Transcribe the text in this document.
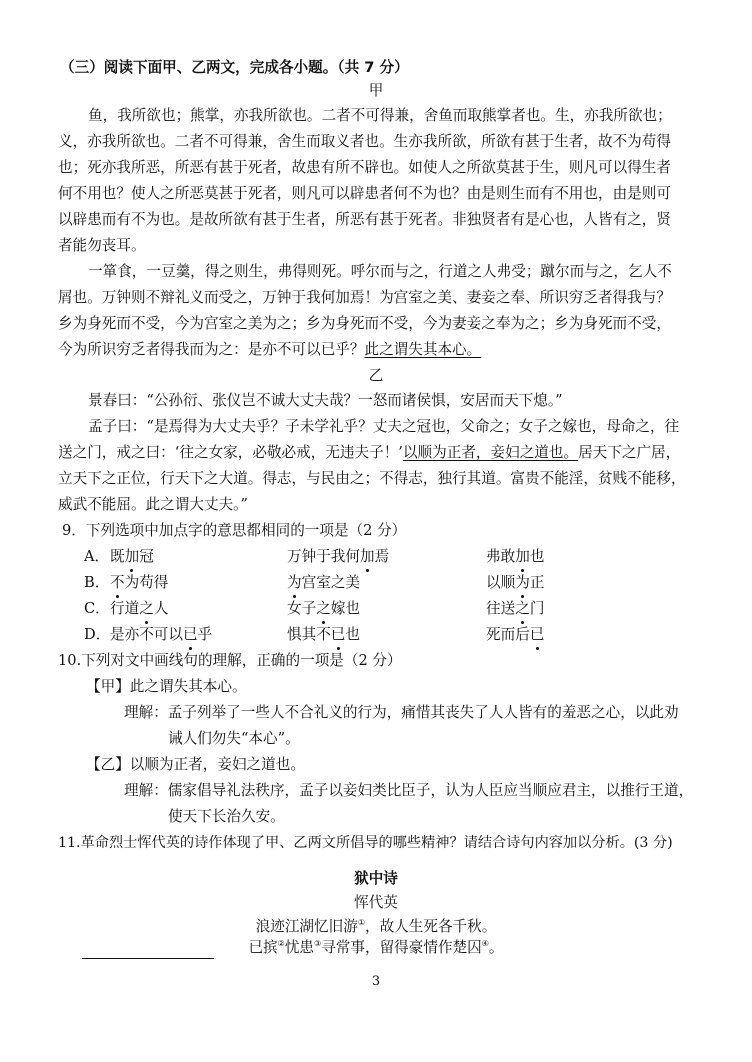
（三）阅读下面甲、乙两文，完成各小题。（共 7 分）
甲
鱼，我所欲也；熊掌，亦我所欲也。二者不可得兼，舍鱼而取熊掌者也。生，亦我所欲也；
义，亦我所欲也。二者不可得兼，舍生而取义者也。生亦我所欲，所欲有甚于生者，故不为苟得
也；死亦我所恶，所恶有甚于死者，故患有所不辟也。如使人之所欲莫甚于生，则凡可以得生者
何不用也？使人之所恶莫甚于死者，则凡可以辟患者何不为也？由是则生而有不用也，由是则可
以辟患而有不为也。是故所欲有甚于生者，所恶有甚于死者。非独贤者有是心也，人皆有之，贤
者能勿丧耳。
一箪食，一豆羹，得之则生，弗得则死。呼尔而与之，行道之人弗受；蹴尔而与之，乞人不
屑也。万钟则不辩礼义而受之，万钟于我何加焉！为宫室之美、妻妾之奉、所识穷乏者得我与？
乡为身死而不受，今为宫室之美为之；乡为身死而不受，今为妻妾之奉为之；乡为身死而不受，
今为所识穷乏者得我而为之：是亦不可以已乎？此之谓失其本心。
乙
景春曰：“公孙衍、张仪岂不诚大丈夫哉？一怒而诸侯惧，安居而天下熄。”
孟子曰：“是焉得为大丈夫乎？子未学礼乎？丈夫之冠也，父命之；女子之嫁也，母命之，往
送之门，戒之曰：‘往之女家，必敬必戒，无违夫子！’以顺为正者，妾妇之道也。居天下之广居，
立天下之正位，行天下之大道。得志，与民由之；不得志，独行其道。富贵不能淫，贫贱不能移，
威武不能屈。此之谓大丈夫。”
9．下列选项中加点字的意思都相同的一项是（2 分）
A． 既加冠	万钟于我何加焉	弗敢加也
B． 不为苟得	为宫室之美	以顺为正
C． 行道之人	女子之嫁也	往送之门
D． 是亦不可以已乎	惧其不已也	死而后已
10.下列对文中画线句的理解，正确的一项是（2 分）
【甲】此之谓失其本心。
理解：孟子列举了一些人不合礼义的行为，痛惜其丧失了人人皆有的羞恶之心，以此劝
诫人们勿失“本心”。
【乙】以顺为正者，妾妇之道也。
理解：儒家倡导礼法秩序，孟子以妾妇类比臣子，认为人臣应当顺应君主，以推行王道，
使天下长治久安。
11.革命烈士恽代英的诗作体现了甲、乙两文所倡导的哪些精神？请结合诗句内容加以分析。(3 分)
狱中诗
恽代英
浪迹江湖忆旧游①，故人生死各千秋。
已摈②忧患③寻常事，留得豪情作楚囚④。
3
